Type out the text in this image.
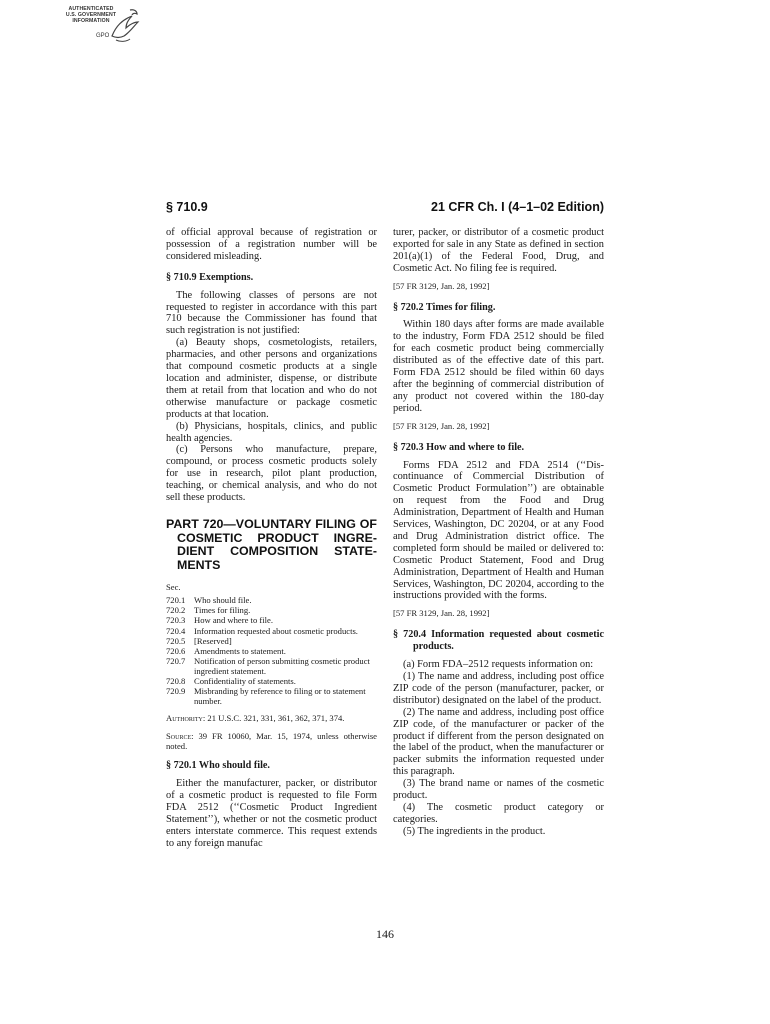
AUTHENTICATED
U.S. GOVERNMENT
INFORMATION
GPO
§ 710.9	21 CFR Ch. I (4–1–02 Edition)

of official approval because of registration or possession of a registration number will be considered misleading.

§ 710.9 Exemptions.

The following classes of persons are not requested to register in accordance with this part 710 because the Commissioner has found that such registration is not justified:

(a) Beauty shops, cosmetologists, retailers, pharmacies, and other persons and organizations that compound cosmetic products at a single location and administer, dispense, or distribute them at retail from that location and who do not otherwise manufacture or package cosmetic products at that location.

(b) Physicians, hospitals, clinics, and public health agencies.

(c) Persons who manufacture, prepare, compound, or process cosmetic products solely for use in research, pilot plant production, teaching, or chemical analysis, and who do not sell these products.

PART 720—VOLUNTARY FILING OF COSMETIC PRODUCT INGREDIENT COMPOSITION STATEMENTS
Sec.
720.1 Who should file.
720.2 Times for filing.
720.3 How and where to file.
720.4 Information requested about cosmetic products.
720.5 [Reserved]
720.6 Amendments to statement.
720.7 Notification of person submitting cosmetic product ingredient statement.
720.8 Confidentiality of statements.
720.9 Misbranding by reference to filing or to statement number.

Authority: 21 U.S.C. 321, 331, 361, 362, 371, 374.

Source: 39 FR 10060, Mar. 15, 1974, unless otherwise noted.

§ 720.1 Who should file.

Either the manufacturer, packer, or distributor of a cosmetic product is requested to file Form FDA 2512 (‘‘Cosmetic Product Ingredient Statement’’), whether or not the cosmetic product enters interstate commerce. This request extends to any foreign manufac

turer, packer, or distributor of a cosmetic product exported for sale in any State as defined in section 201(a)(1) of the Federal Food, Drug, and Cosmetic Act. No filing fee is required.

[57 FR 3129, Jan. 28, 1992]

§ 720.2 Times for filing.

Within 180 days after forms are made available to the industry, Form FDA 2512 should be filed for each cosmetic product being commercially distributed as of the effective date of this part. Form FDA 2512 should be filed within 60 days after the beginning of commercial distribution of any product not covered within the 180-day period.

[57 FR 3129, Jan. 28, 1992]

§ 720.3 How and where to file.

Forms FDA 2512 and FDA 2514 (‘‘Discontinuance of Commercial Distribution of Cosmetic Product Formulation’’) are obtainable on request from the Food and Drug Administration, Department of Health and Human Services, Washington, DC 20204, or at any Food and Drug Administration district office. The completed form should be mailed or delivered to: Cosmetic Product Statement, Food and Drug Administration, Department of Health and Human Services, Washington, DC 20204, according to the instructions provided with the forms.

[57 FR 3129, Jan. 28, 1992]

§ 720.4 Information requested about cosmetic products.

(a) Form FDA–2512 requests information on:

(1) The name and address, including post office ZIP code of the person (manufacturer, packer, or distributor) designated on the label of the product.

(2) The name and address, including post office ZIP code, of the manufacturer or packer of the product if different from the person designated on the label of the product, when the manufacturer or packer submits the information requested under this paragraph.

(3) The brand name or names of the cosmetic product.

(4) The cosmetic product category or categories.

(5) The ingredients in the product.

146
